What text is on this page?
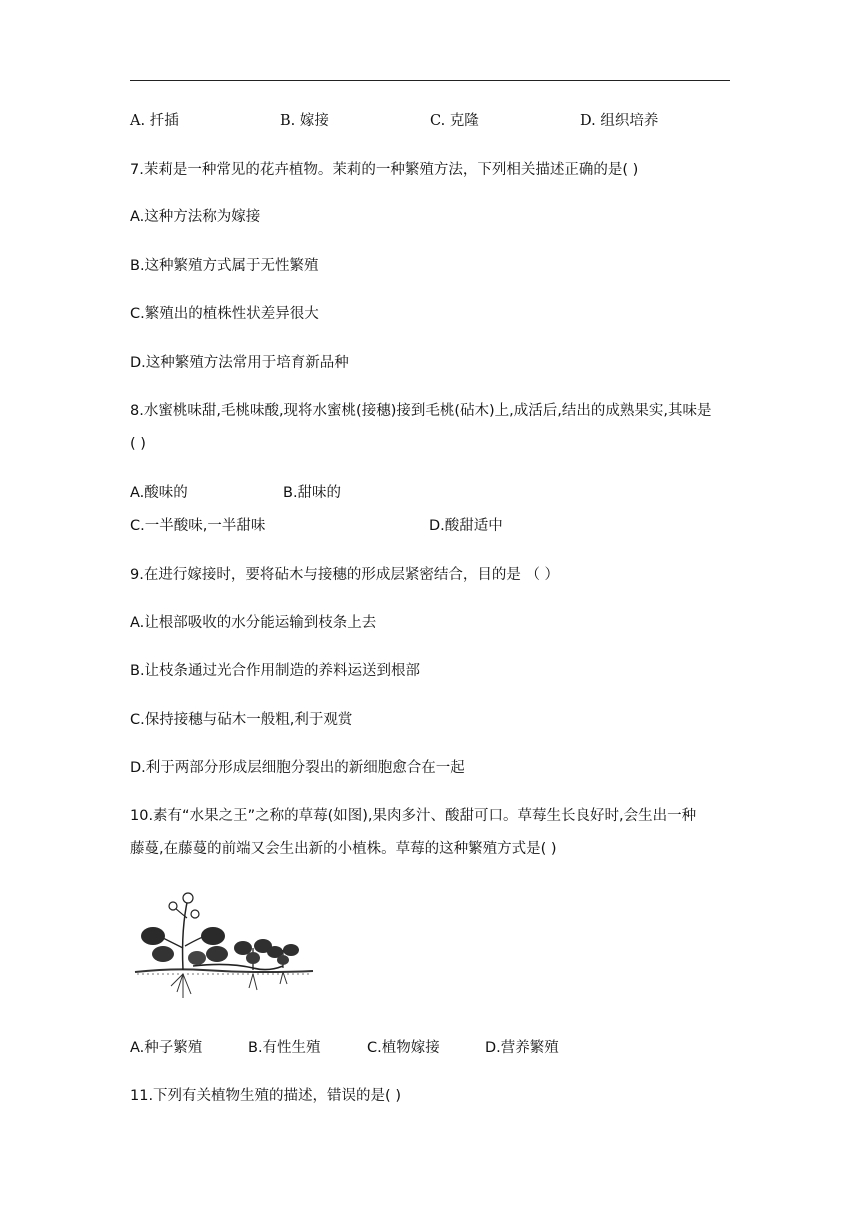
A. 扦插	B. 嫁接	C. 克隆	D. 组织培养
7.茉莉是一种常见的花卉植物。茉莉的一种繁殖方法，下列相关描述正确的是( )
A.这种方法称为嫁接
B.这种繁殖方式属于无性繁殖
C.繁殖出的植株性状差异很大
D.这种繁殖方法常用于培育新品种
8.水蜜桃味甜,毛桃味酸,现将水蜜桃(接穗)接到毛桃(砧木)上,成活后,结出的成熟果实,其味是
( )
A.酸味的	B.甜味的
C.一半酸味,一半甜味	D.酸甜适中
9.在进行嫁接时，要将砧木与接穗的形成层紧密结合，目的是 （ ）
A.让根部吸收的水分能运输到枝条上去
B.让枝条通过光合作用制造的养料运送到根部
C.保持接穗与砧木一般粗,利于观赏
D.利于两部分形成层细胞分裂出的新细胞愈合在一起
10.素有“水果之王”之称的草莓(如图),果肉多汁、酸甜可口。草莓生长良好时,会生出一种
藤蔓,在藤蔓的前端又会生出新的小植株。草莓的这种繁殖方式是( )
A.种子繁殖	B.有性生殖	C.植物嫁接	D.营养繁殖
11.下列有关植物生殖的描述，错误的是( )
